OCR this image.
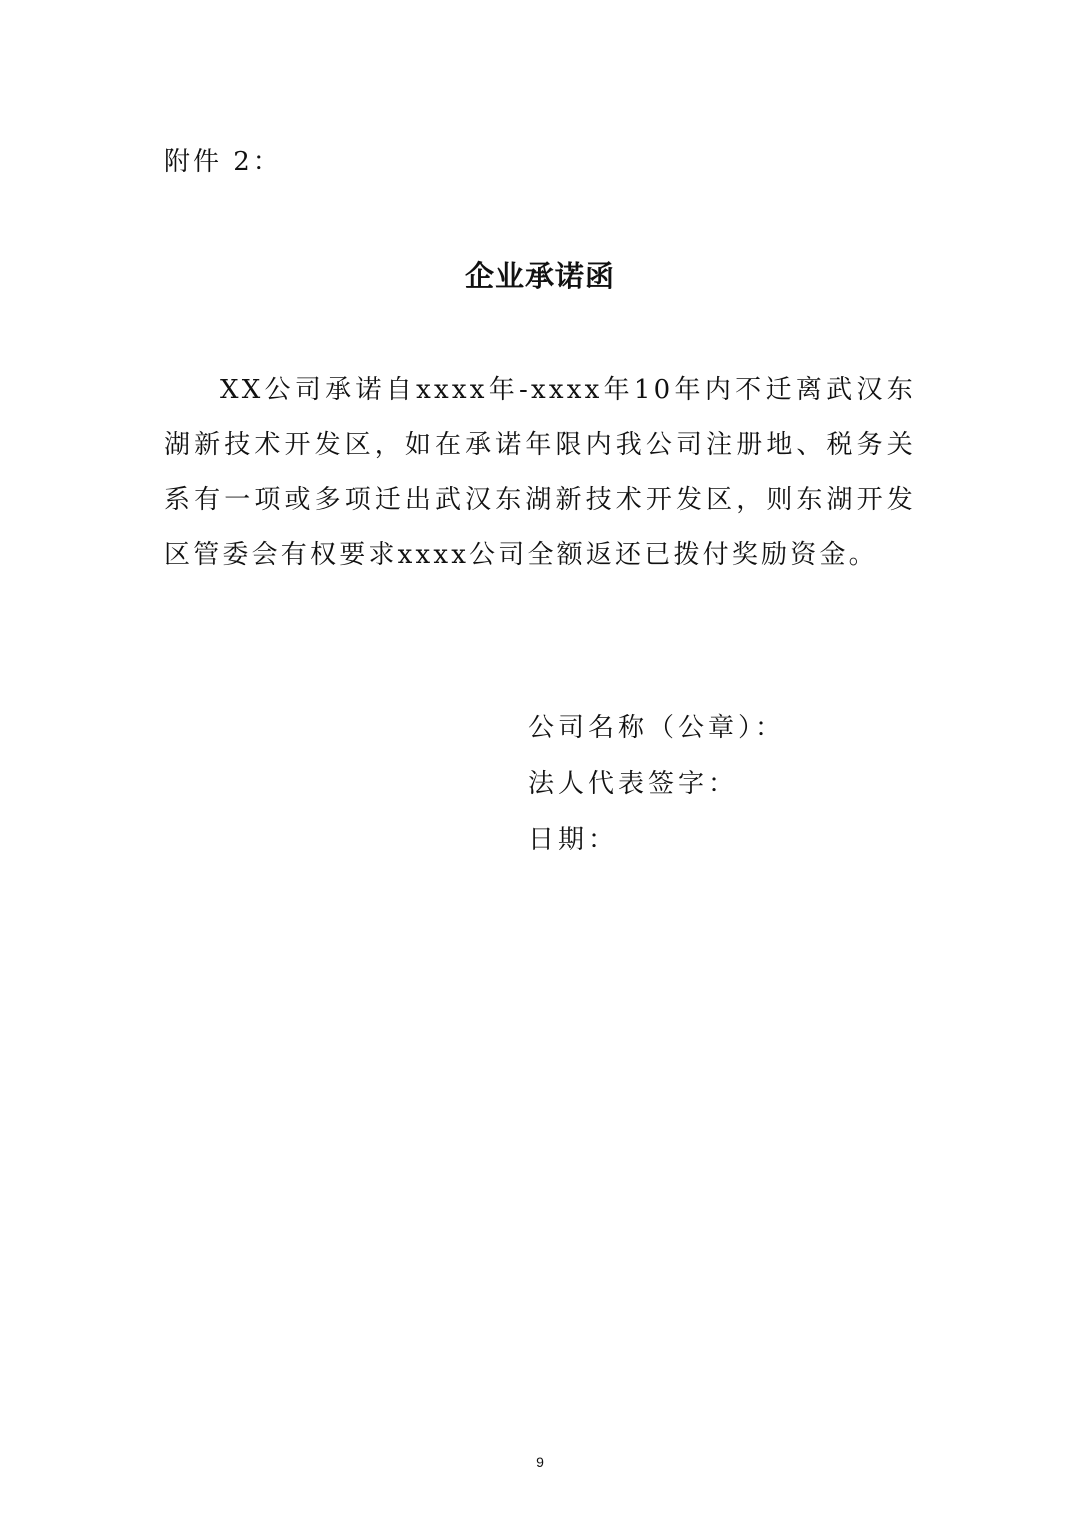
附件 2：
企业承诺函

XX公司承诺自xxxx年-xxxx年10年内不迁离武汉东湖新技术开发区，如在承诺年限内我公司注册地、税务关系有一项或多项迁出武汉东湖新技术开发区，则东湖开发区管委会有权要求xxxx公司全额返还已拨付奖励资金。

公司名称（公章）：
法人代表签字：
日期：
9
